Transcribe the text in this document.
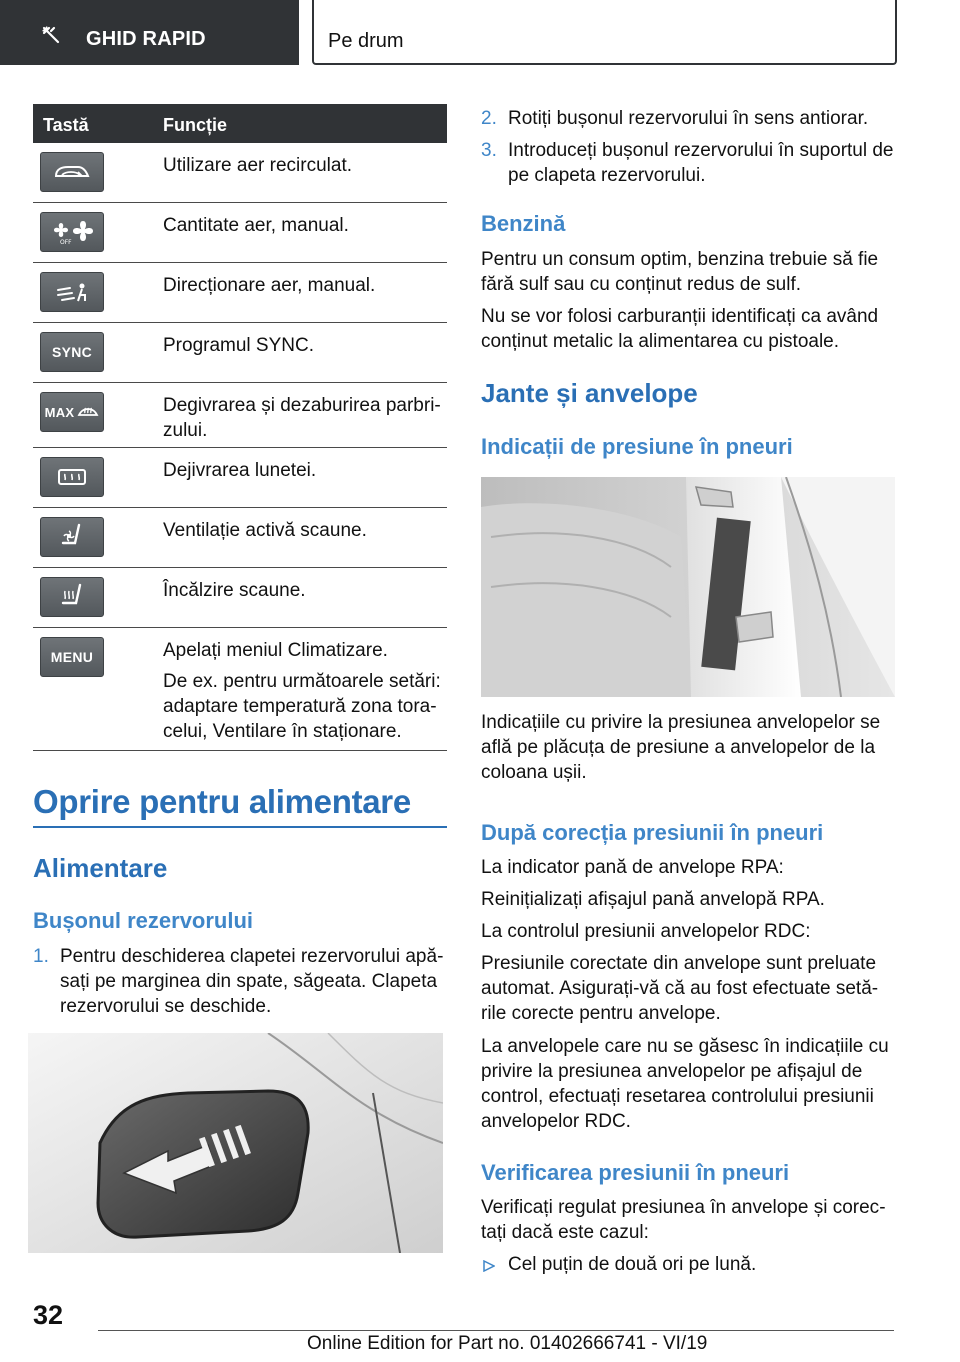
GHID RAPID	Pe drum
Tastă	Funcție
Utilizare aer recirculat.
OFF
Cantitate aer, manual.
Direcționare aer, manual.
SYNC	Programul SYNC.
MAX	Degivrarea și dezaburirea parbrizului.
Dejivrarea lunetei.
Ventilație activă scaune.
Încălzire scaune.
MENU	Apelați meniul Climatizare.

De ex. pentru următoarele setări: adaptare temperatură zona toracelui, Ventilare în staționare.

Oprire pentru alimentare
Alimentare
Bușonul rezervorului
1. Pentru deschiderea clapetei rezervorului apăsați pe marginea din spate, săgeata. Clapeta rezervorului se deschide.
2. Rotiți bușonul rezervorului în sens antiorar.
3. Introduceți bușonul rezervorului în suportul de pe clapeta rezervorului.
Benzină
Pentru un consum optim, benzina trebuie să fie fără sulf sau cu conținut redus de sulf.
Nu se vor folosi carburanții identificați ca având conținut metalic la alimentarea cu pistoale.
Jante și anvelope
Indicații de presiune în pneuri
Indicațiile cu privire la presiunea anvelopelor se află pe plăcuța de presiune a anvelopelor de la coloana ușii.
După corecția presiunii în pneuri
La indicator pană de anvelope RPA:
Reinițializați afișajul pană anvelopă RPA.
La controlul presiunii anvelopelor RDC:
Presiunile corectate din anvelope sunt preluate automat. Asigurați-vă că au fost efectuate setările corecte pentru anvelope.
La anvelopele care nu se găsesc în indicațiile cu privire la presiunea anvelopelor pe afișajul de control, efectuați resetarea controlului presiunii anvelopelor RDC.
Verificarea presiunii în pneuri
Verificați regulat presiunea în anvelope și corectați dacă este cazul:
Cel puțin de două ori pe lună.
32
Online Edition for Part no. 01402666741 - VI/19
